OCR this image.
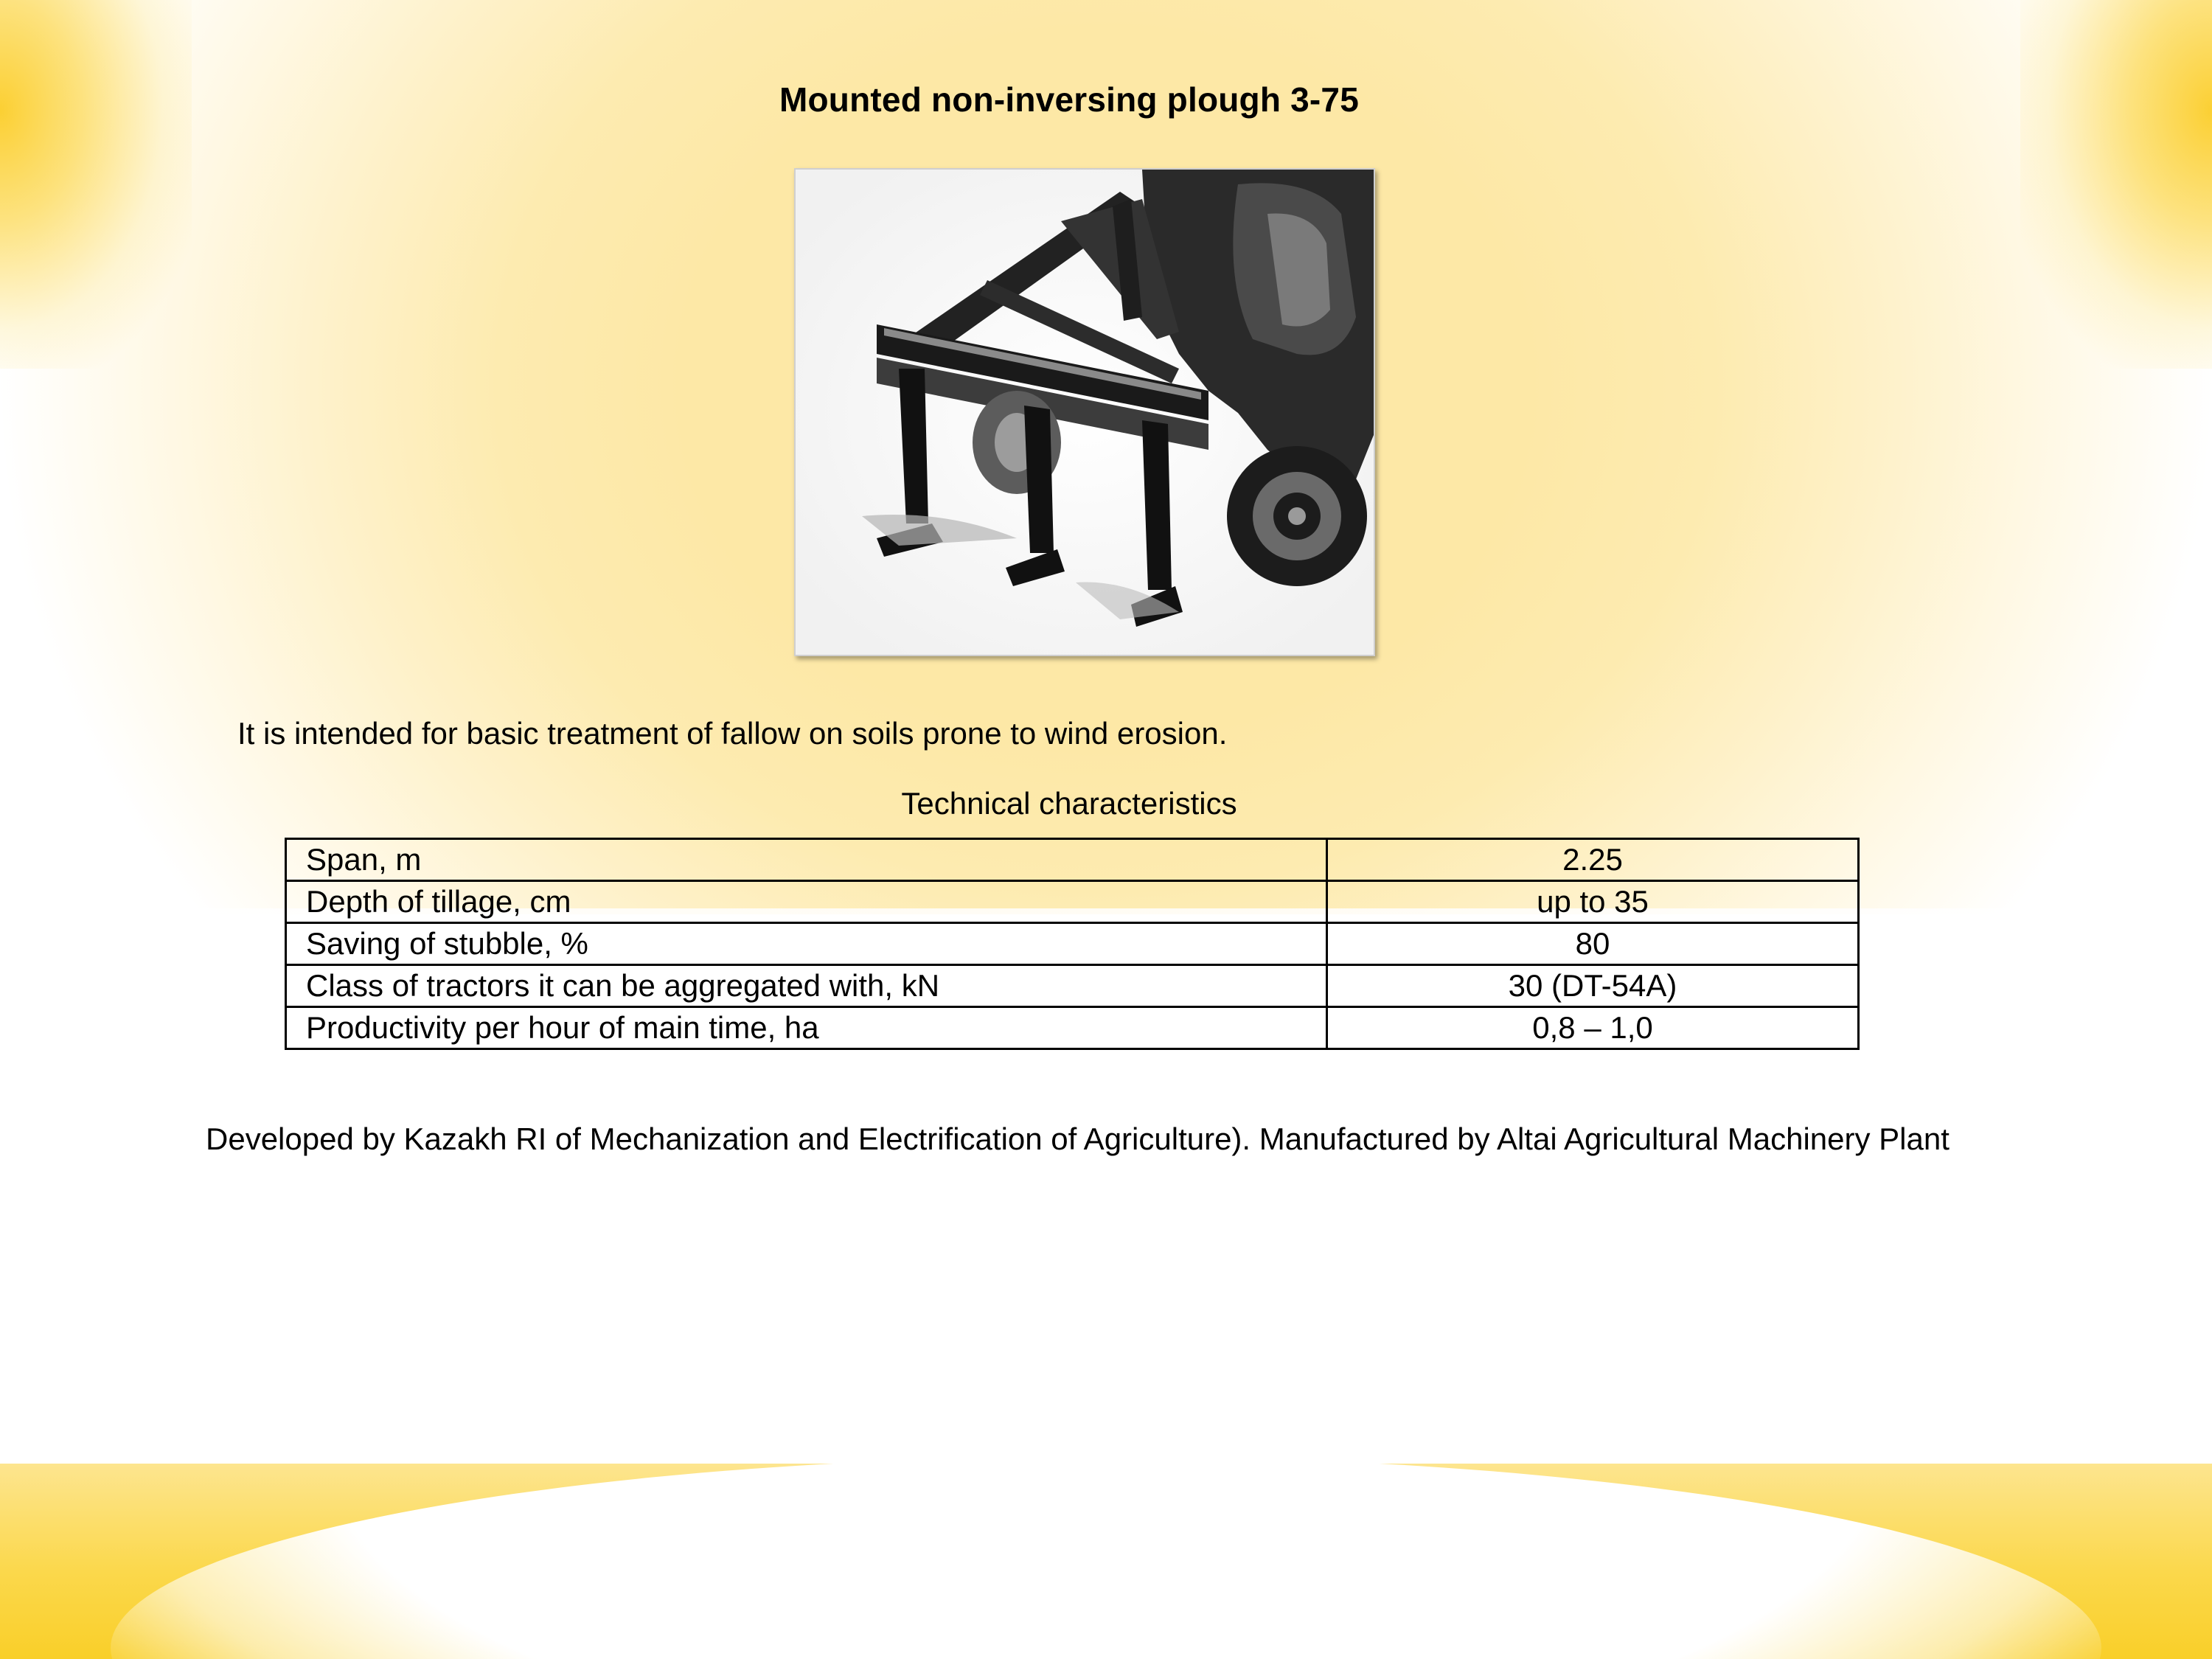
Mounted non-inversing plough 3-75
It is intended for basic treatment of fallow on soils prone to wind erosion.
Technical characteristics
Span, m	2.25
Depth of tillage, cm	up to 35
Saving of stubble, %	80
Class of tractors it can be aggregated with, kN	30 (DT-54A)
Productivity per hour of main time, ha	0,8 – 1,0
Developed by Kazakh RI of Mechanization and Electrification of Agriculture). Manufactured by Altai Agricultural Machinery Plant
